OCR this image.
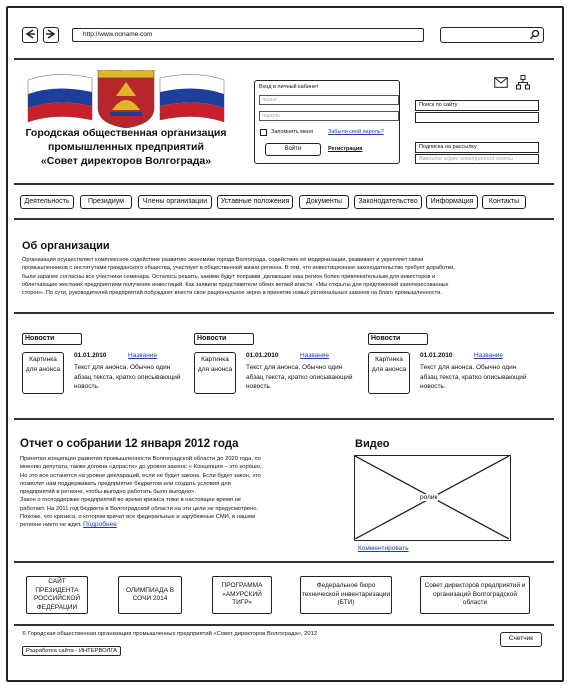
http://www.noname.com
Городская общественная организация
промышленных предприятий
«Совет директоров Волгограда»
Вход в личный кабинет
логин
пароль
Запомнить меня	Забыли свой пароль?
Войти	Регистрация
Поиск по сайту
Подписка на рассылку
Введите адрес электронной почты
Деятельность	Президиум	Члены организации	Уставные положения	Документы	Законодательство	Информация	Контакты
Об организации
Организация осуществляет комплексное содействие развитию экономики города Волгограда, содействие её модернизации, развивает и укрепляет связи
промышленников с институтами гражданского общества, участвует в общественной жизни региона. В том, что инвестиционное законодательство требует доработки,
были заранее согласны все участники семинара. Осталось решить, какими будут поправки, делающие наш регион более привлекательным для инвесторов и
облегчающие жесткиих предприятиям получение инвестиций. Как заявили представители обеих ветвей власти: «Мы открыты для предложений заинтересованных
сторон». По сути, руководителей предприятий побуждают внести свое рациональное зерно в принятие новых региональных законов на благо промышленности.
Новости
Картинка для анонса
01.01.2010	Название
Текст для анонса. Обычно один абзац текста, кратко описывающий новость.
Новости
Картинка для анонса
01.01.2010	Название
Текст для анонса. Обычно один абзац текста, кратко описывающий новость.
Новости
Картинка для анонса
01.01.2010	Название
Текст для анонса. Обычно один абзац текста, кратко описывающий новость.
Отчет о собрании 12 января 2012 года
Принятая концепция развития промышленности Волгоградской области до 2020 года, по
мнению депутата, также должна «дорасти» до уровня закона: « Концепция – это хорошо.
Но это все останется на уровне деклараций, если не будет закона. Если будет закон, это
позволит нам поддерживать предприятие бюджетом или создать условия для
предприятий в регионе, чтобы выгодно работать было выгодно».
Закон о господдержке предприятий во время кризиса тоже в настоящее время не
работает. На 2011 год бюджета в Волгоградской области на эти цели не предусмотрено.
Похоже, что кризиса, о котором кричат все федеральные и зарубежные СМИ, в нашем
регионе никто не ждет. Подробнее
Видео
ролик
Комментировать
САЙТ ПРЕЗИДЕНТА РОССИЙСКОЙ ФЕДЕРАЦИИ
ОЛИМПИАДА В СОЧИ 2014
ПРОГРАММА «АМУРСКИЙ ТИГР»
Федеральное бюро технической инвентаризации (БТИ)
Совет директоров предприятий и организаций Волгоградской области
© Городская общественная организация промышленных предприятий «Совет директоров Волгограда», 2012
Разработка сайта - ИНТЕРВОЛГА
Счетчик
